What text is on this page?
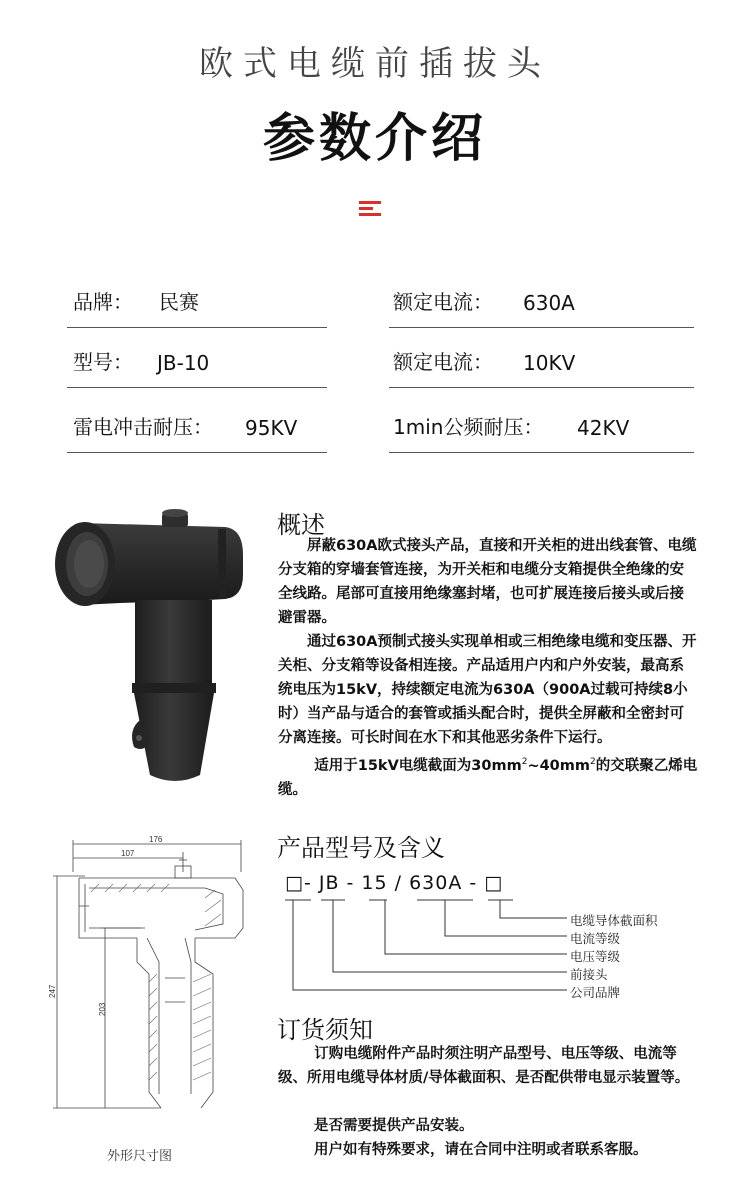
欧式电缆前插拔头
参数介绍
品牌： 民赛	额定电流： 630A
型号： JB-10	额定电流： 10KV
雷电冲击耐压： 95KV	1min公频耐压： 42KV
概述
屏蔽630A欧式接头产品，直接和开关柜的进出线套管、电缆分支箱的穿墙套管连接，为开关柜和电缆分支箱提供全绝缘的安全线路。尾部可直接用绝缘塞封堵，也可扩展连接后接头或后接避雷器。
通过630A预制式接头实现单相或三相绝缘电缆和变压器、开关柜、分支箱等设备相连接。产品适用户内和户外安装，最高系统电压为15kV，持续额定电流为630A（900A过载可持续8小时）当产品与适合的套管或插头配合时，提供全屏蔽和全密封可分离连接。可长时间在水下和其他恶劣条件下运行。
适用于15kV电缆截面为$30mm^2\sim 40mm^2$的交联聚乙烯电缆。
产品型号及含义
□- JB - 15 / 630A - □
电缆导体截面积
电流等级
电压等级
前接头
公司品牌
订货须知
订购电缆附件产品时须注明产品型号、电压等级、电流等级、所用电缆导体材质/导体截面积、是否配供带电显示装置等。
是否需要提供产品安装。
用户如有特殊要求，请在合同中注明或者联系客服。
176
107
247
203
外形尺寸图
